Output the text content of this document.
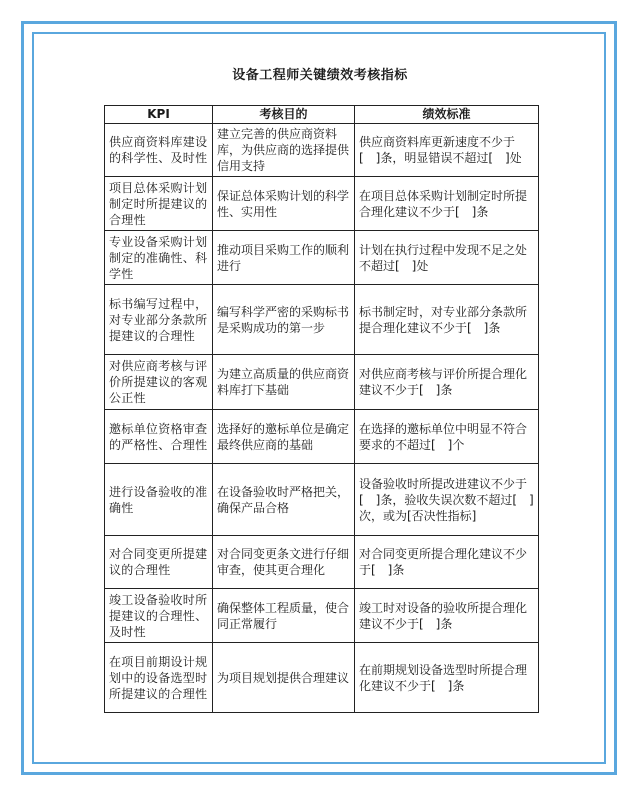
设备工程师关键绩效考核指标
KPI	考核目的	绩效标准
供应商资料库建设的科学性、及时性	建立完善的供应商资料库，为供应商的选择提供信用支持	供应商资料库更新速度不少于[　]条，明显错误不超过[　]处
项目总体采购计划制定时所提建议的合理性	保证总体采购计划的科学性、实用性	在项目总体采购计划制定时所提合理化建议不少于[　]条
专业设备采购计划制定的准确性、科学性	推动项目采购工作的顺利进行	计划在执行过程中发现不足之处不超过[　]处
标书编写过程中，对专业部分条款所提建议的合理性	编写科学严密的采购标书是采购成功的第一步	标书制定时，对专业部分条款所提合理化建议不少于[　]条
对供应商考核与评价所提建议的客观公正性	为建立高质量的供应商资料库打下基础	对供应商考核与评价所提合理化建议不少于[　]条
邀标单位资格审查的严格性、合理性	选择好的邀标单位是确定最终供应商的基础	在选择的邀标单位中明显不符合要求的不超过[　]个
进行设备验收的准确性	在设备验收时严格把关，确保产品合格	设备验收时所提改进建议不少于[　]条，验收失误次数不超过[　]次，或为[否决性指标]
对合同变更所提建议的合理性	对合同变更条文进行仔细审查，使其更合理化	对合同变更所提合理化建议不少于[　]条
竣工设备验收时所提建议的合理性、及时性	确保整体工程质量，使合同正常履行	竣工时对设备的验收所提合理化建议不少于[　]条
在项目前期设计规划中的设备选型时所提建议的合理性	为项目规划提供合理建议	在前期规划设备选型时所提合理化建议不少于[　]条
